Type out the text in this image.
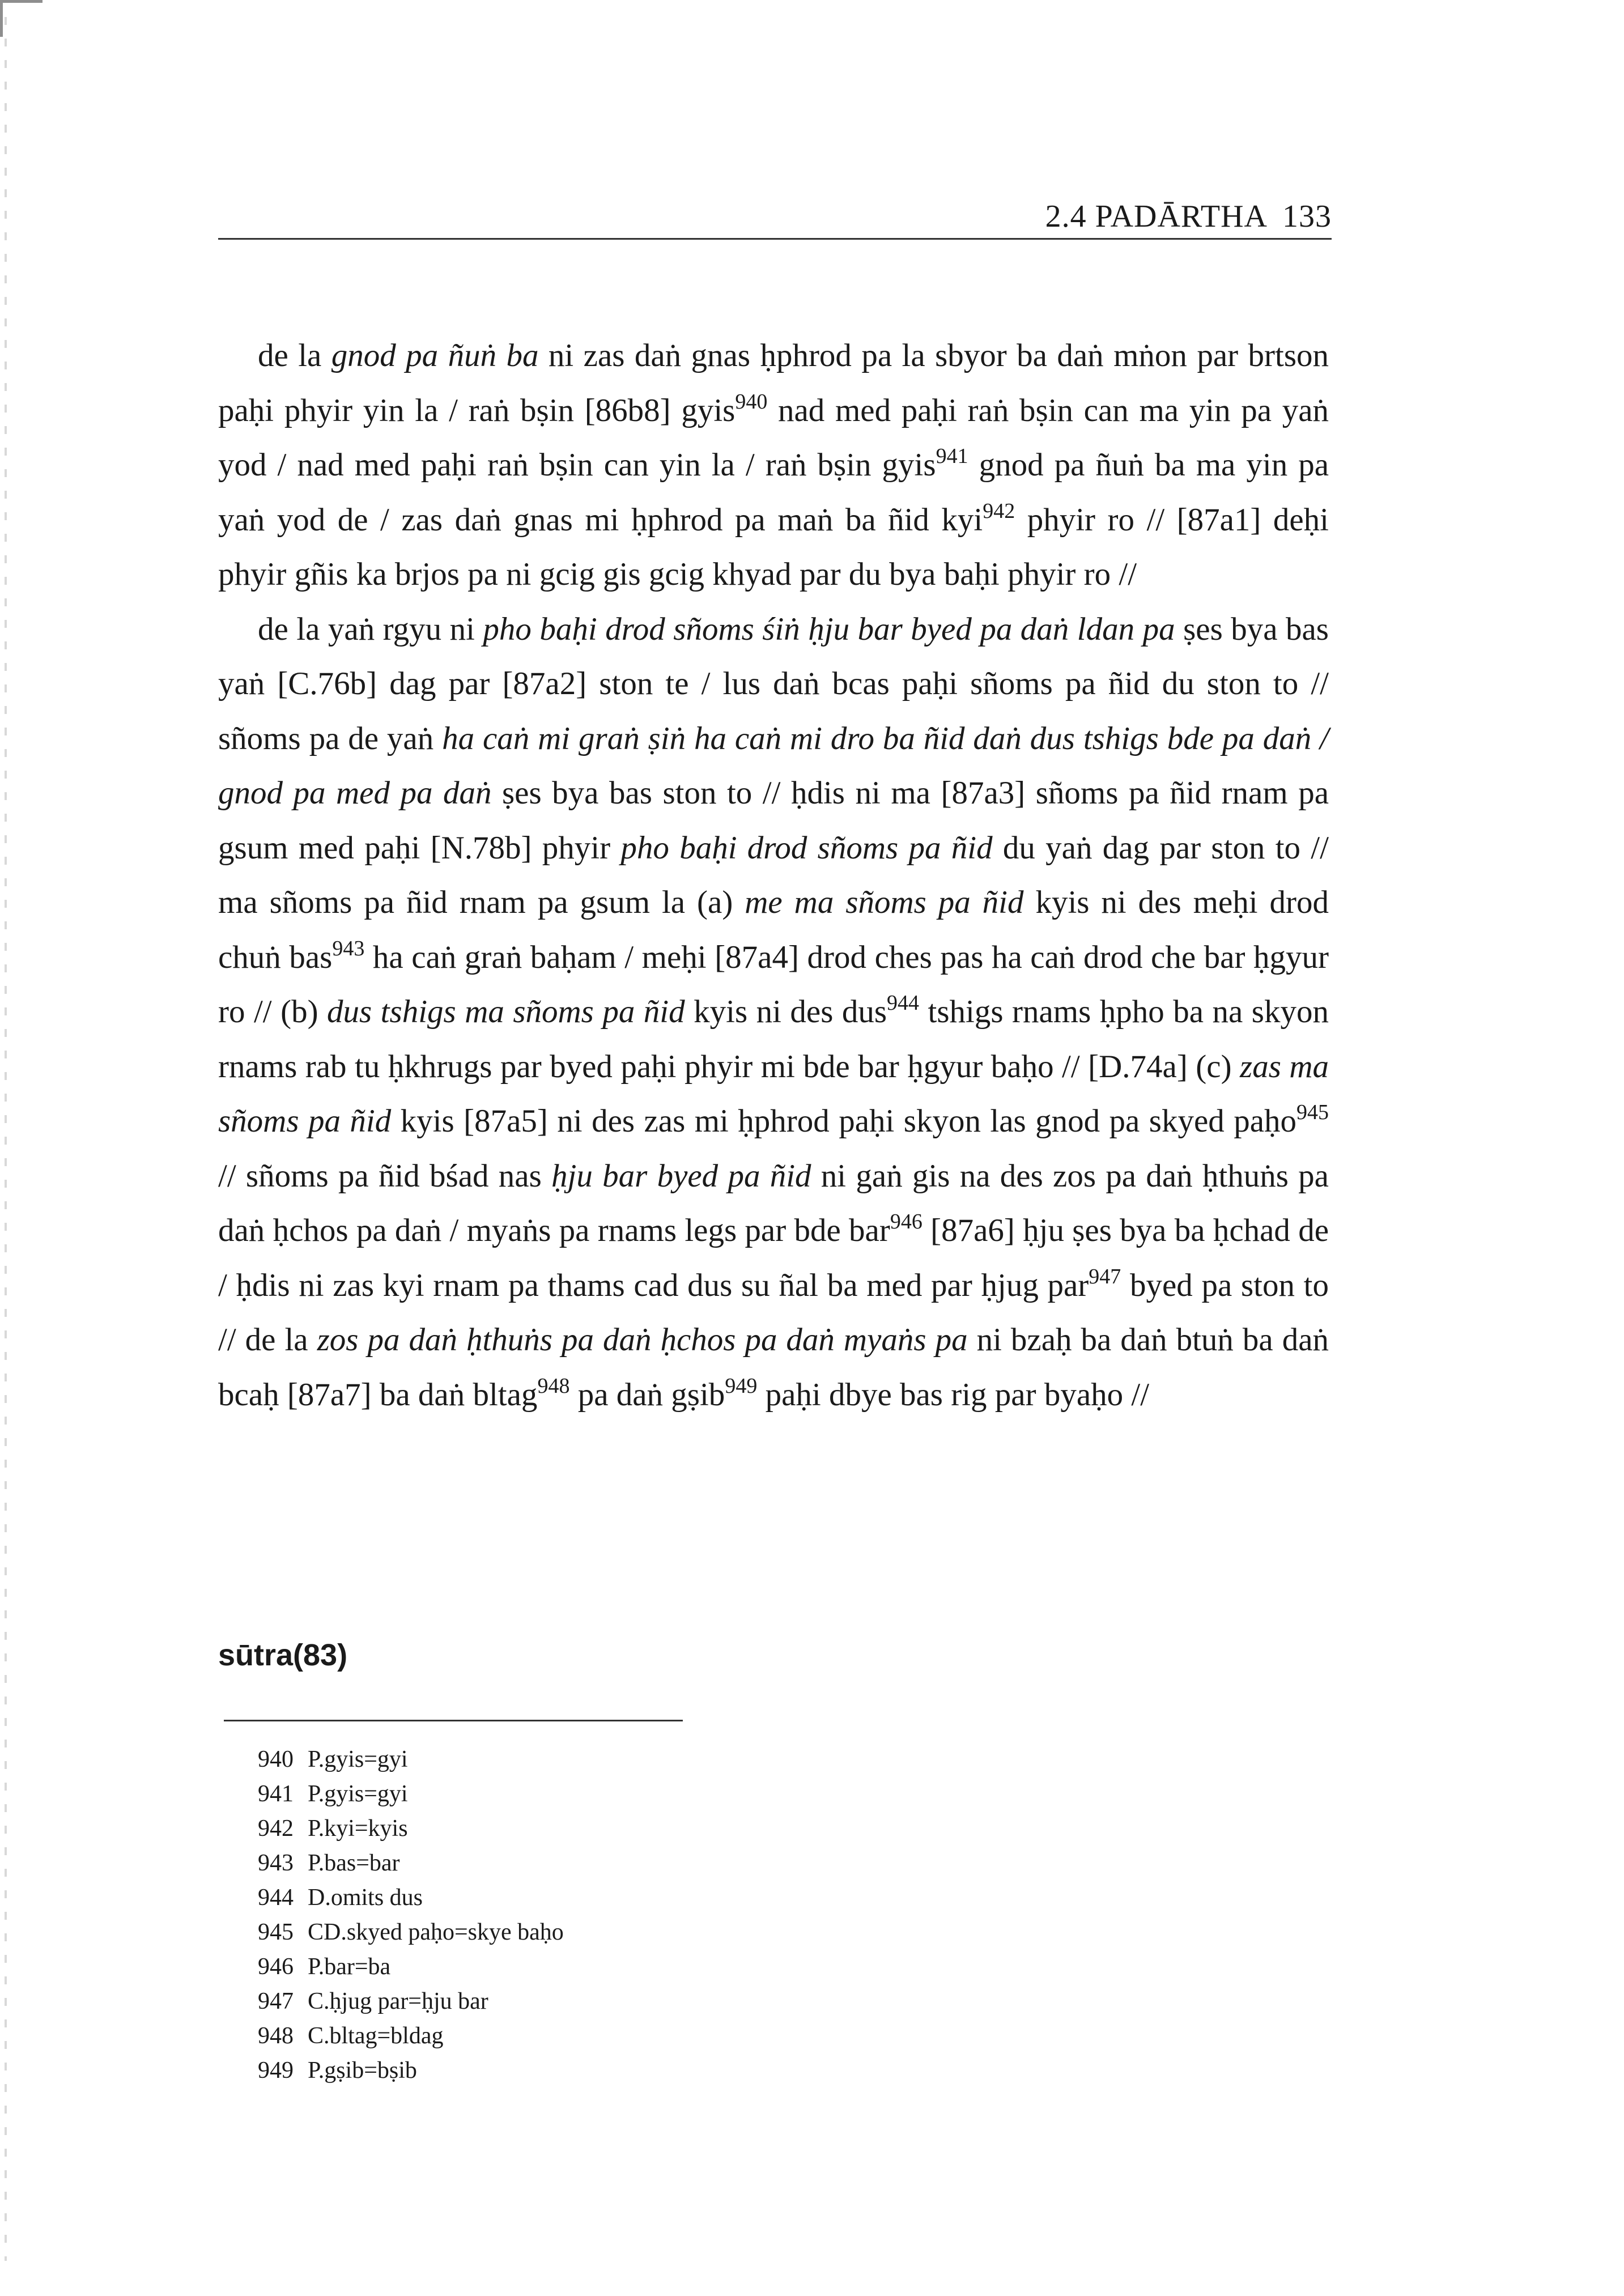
2.4 PADĀRTHA 133

de la gnod pa ñuṅ ba ni zas daṅ gnas ḥphrod pa la sbyor ba daṅ mṅon par brtson paḥi phyir yin la / raṅ bṣin [86b8] gyis$^{940}$ nad med paḥi raṅ bṣin can ma yin pa yaṅ yod / nad med paḥi raṅ bṣin can yin la / raṅ bṣin gyis$^{941}$ gnod pa ñuṅ ba ma yin pa yaṅ yod de / zas daṅ gnas mi ḥphrod pa maṅ ba ñid kyi$^{942}$ phyir ro // [87a1] deḥi phyir gñis ka brjos pa ni gcig gis gcig khyad par du bya baḥi phyir ro //

de la yaṅ rgyu ni pho baḥi drod sñoms śiṅ ḥju bar byed pa daṅ ldan pa ṣes bya bas yaṅ [C.76b] dag par [87a2] ston te / lus daṅ bcas paḥi sñoms pa ñid du ston to // sñoms pa de yaṅ ha caṅ mi graṅ ṣiṅ ha caṅ mi dro ba ñid daṅ dus tshigs bde pa daṅ / gnod pa med pa daṅ ṣes bya bas ston to // ḥdis ni ma [87a3] sñoms pa ñid rnam pa gsum med paḥi [N.78b] phyir pho baḥi drod sñoms pa ñid du yaṅ dag par ston to // ma sñoms pa ñid rnam pa gsum la (a) me ma sñoms pa ñid kyis ni des meḥi drod chuṅ bas$^{943}$ ha caṅ graṅ baḥam / meḥi [87a4] drod ches pas ha caṅ drod che bar ḥgyur ro // (b) dus tshigs ma sñoms pa ñid kyis ni des dus$^{944}$ tshigs rnams ḥpho ba na skyon rnams rab tu ḥkhrugs par byed paḥi phyir mi bde bar ḥgyur baḥo // [D.74a] (c) zas ma sñoms pa ñid kyis [87a5] ni des zas mi ḥphrod paḥi skyon las gnod pa skyed paḥo$^{945}$ // sñoms pa ñid bśad nas ḥju bar byed pa ñid ni gaṅ gis na des zos pa daṅ ḥthuṅs pa daṅ ḥchos pa daṅ / myaṅs pa rnams legs par bde bar$^{946}$ [87a6] ḥju ṣes bya ba ḥchad de / ḥdis ni zas kyi rnam pa thams cad dus su ñal ba med par ḥjug par$^{947}$ byed pa ston to // de la zos pa daṅ ḥthuṅs pa daṅ ḥchos pa daṅ myaṅs pa ni bzaḥ ba daṅ btuṅ ba daṅ bcaḥ [87a7] ba daṅ bltag$^{948}$ pa daṅ gṣib$^{949}$ paḥi dbye bas rig par byaḥo //

sūtra(83)
940 P.gyis=gyi
941 P.gyis=gyi
942 P.kyi=kyis
943 P.bas=bar
944 D.omits dus
945 CD.skyed paḥo=skye baḥo
946 P.bar=ba
947 C.ḥjug par=ḥju bar
948 C.bltag=bldag
949 P.gṣib=bṣib
